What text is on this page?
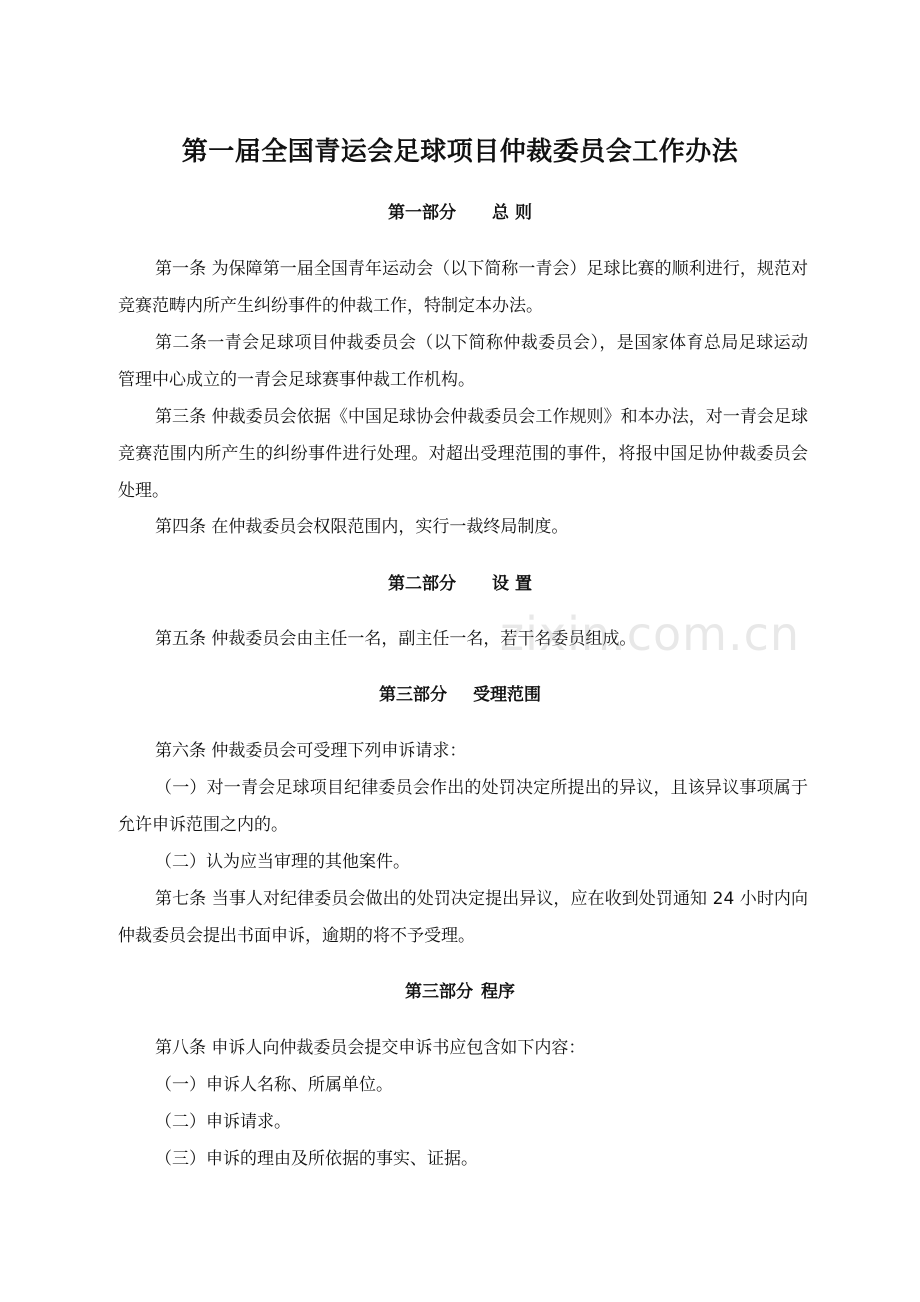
第一届全国青运会足球项目仲裁委员会工作办法
第一部分 总 则
第一条 为保障第一届全国青年运动会（以下简称一青会）足球比赛的顺利进行，规范对竞赛范畴内所产生纠纷事件的仲裁工作，特制定本办法。
第二条一青会足球项目仲裁委员会（以下简称仲裁委员会），是国家体育总局足球运动管理中心成立的一青会足球赛事仲裁工作机构。
第三条 仲裁委员会依据《中国足球协会仲裁委员会工作规则》和本办法，对一青会足球竞赛范围内所产生的纠纷事件进行处理。对超出受理范围的事件，将报中国足协仲裁委员会处理。
第四条 在仲裁委员会权限范围内，实行一裁终局制度。
第二部分 设 置
第五条 仲裁委员会由主任一名，副主任一名，若干名委员组成。
zixin.com.cn
第三部分 受理范围
第六条 仲裁委员会可受理下列申诉请求：
（一）对一青会足球项目纪律委员会作出的处罚决定所提出的异议，且该异议事项属于允许申诉范围之内的。
（二）认为应当审理的其他案件。
第七条 当事人对纪律委员会做出的处罚决定提出异议，应在收到处罚通知 24 小时内向仲裁委员会提出书面申诉，逾期的将不予受理。
第三部分 程序
第八条 申诉人向仲裁委员会提交申诉书应包含如下内容：
（一）申诉人名称、所属单位。
（二）申诉请求。
（三）申诉的理由及所依据的事实、证据。
